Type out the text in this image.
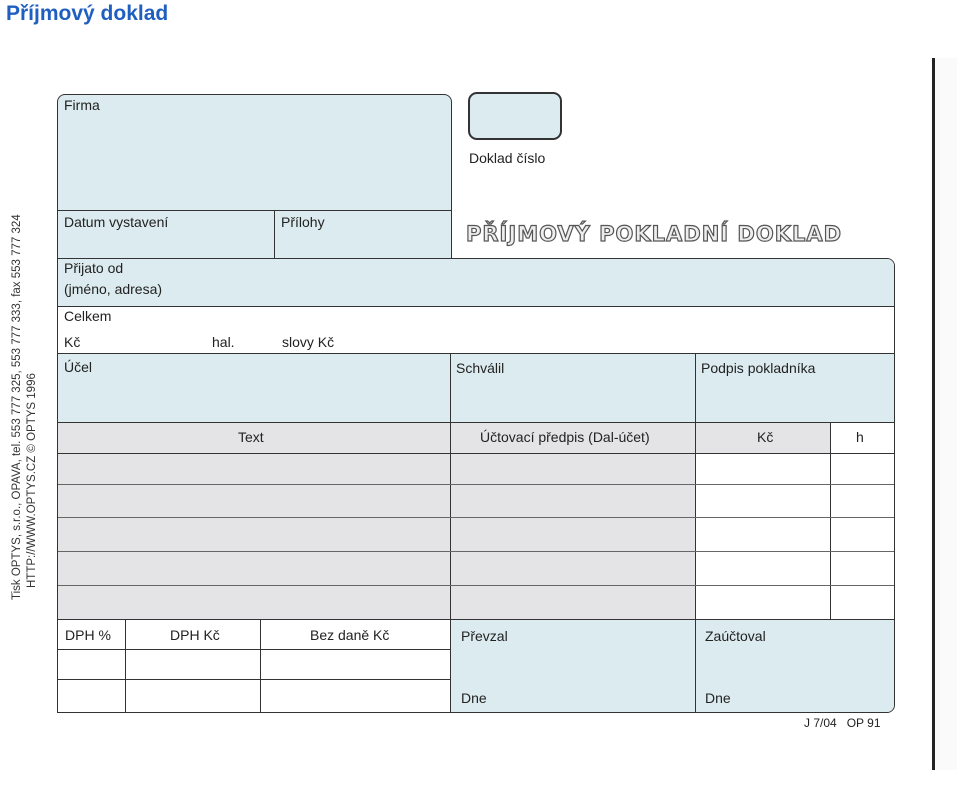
Příjmový doklad
Tisk OPTYS, s.r.o., OPAVA, tel. 553 777 325, 553 777 333, fax 553 777 324 HTTP://WWW.OPTYS.CZ © OPTYS 1996
Firma
Doklad číslo
Datum vystavení	Přílohy	PŘÍJMOVÝ POKLADNÍ DOKLAD
Přijato od
(jméno, adresa)
Celkem
Kč	hal.	slovy Kč
Účel	Schválil	Podpis pokladníka
Text	Účtovací předpis (Dal-účet)	Kč	h
DPH %	DPH Kč	Bez daně Kč	Převzal
Dne
Zaúčtoval
Dne
J 7/04   OP 91
